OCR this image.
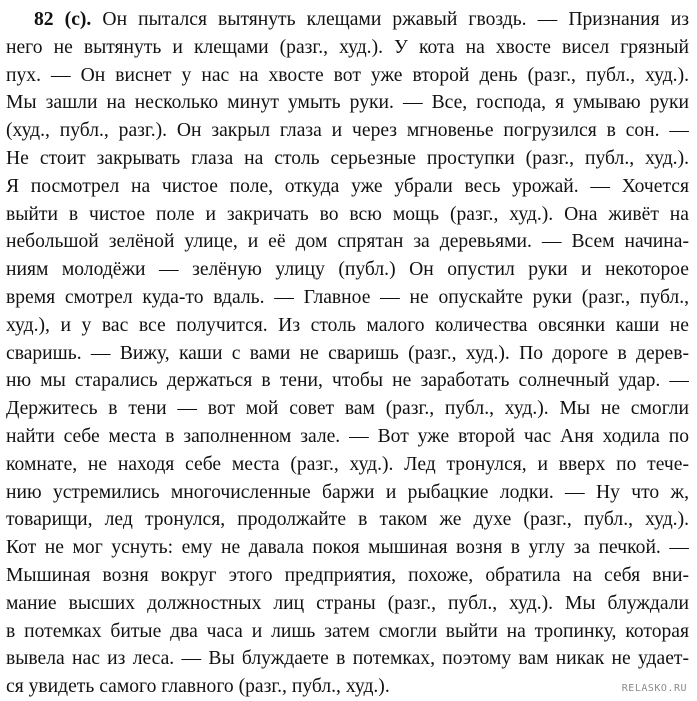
82 (с). Он пытался вытянуть клещами ржавый гвоздь. — Признания из
него не вытянуть и клещами (разг., худ.). У кота на хвосте висел грязный
пух. — Он виснет у нас на хвосте вот уже второй день (разг., публ., худ.).
Мы зашли на несколько минут умыть руки. — Все, господа, я умываю руки
(худ., публ., разг.). Он закрыл глаза и через мгновенье погрузился в сон. —
Не стоит закрывать глаза на столь серьезные проступки (разг., публ., худ.).
Я посмотрел на чистое поле, откуда уже убрали весь урожай. — Хочется
выйти в чистое поле и закричать во всю мощь (разг., худ.). Она живёт на
небольшой зелёной улице, и её дом спрятан за деревьями. — Всем начина-
ниям молодёжи — зелёную улицу (публ.) Он опустил руки и некоторое
время смотрел куда-то вдаль. — Главное — не опускайте руки (разг., публ.,
худ.), и у вас все получится. Из столь малого количества овсянки каши не
сваришь. — Вижу, каши с вами не сваришь (разг., худ.). По дороге в дерев-
ню мы старались держаться в тени, чтобы не заработать солнечный удар. —
Держитесь в тени — вот мой совет вам (разг., публ., худ.). Мы не смогли
найти себе места в заполненном зале. — Вот уже второй час Аня ходила по
комнате, не находя себе места (разг., худ.). Лед тронулся, и вверх по тече-
нию устремились многочисленные баржи и рыбацкие лодки. — Ну что ж,
товарищи, лед тронулся, продолжайте в таком же духе (разг., публ., худ.).
Кот не мог уснуть: ему не давала покоя мышиная возня в углу за печкой. —
Мышиная возня вокруг этого предприятия, похоже, обратила на себя вни-
мание высших должностных лиц страны (разг., публ., худ.). Мы блуждали
в потемках битые два часа и лишь затем смогли выйти на тропинку, которая
вывела нас из леса. — Вы блуждаете в потемках, поэтому вам никак не удает-
ся увидеть самого главного (разг., публ., худ.).	RELASKO.RU
